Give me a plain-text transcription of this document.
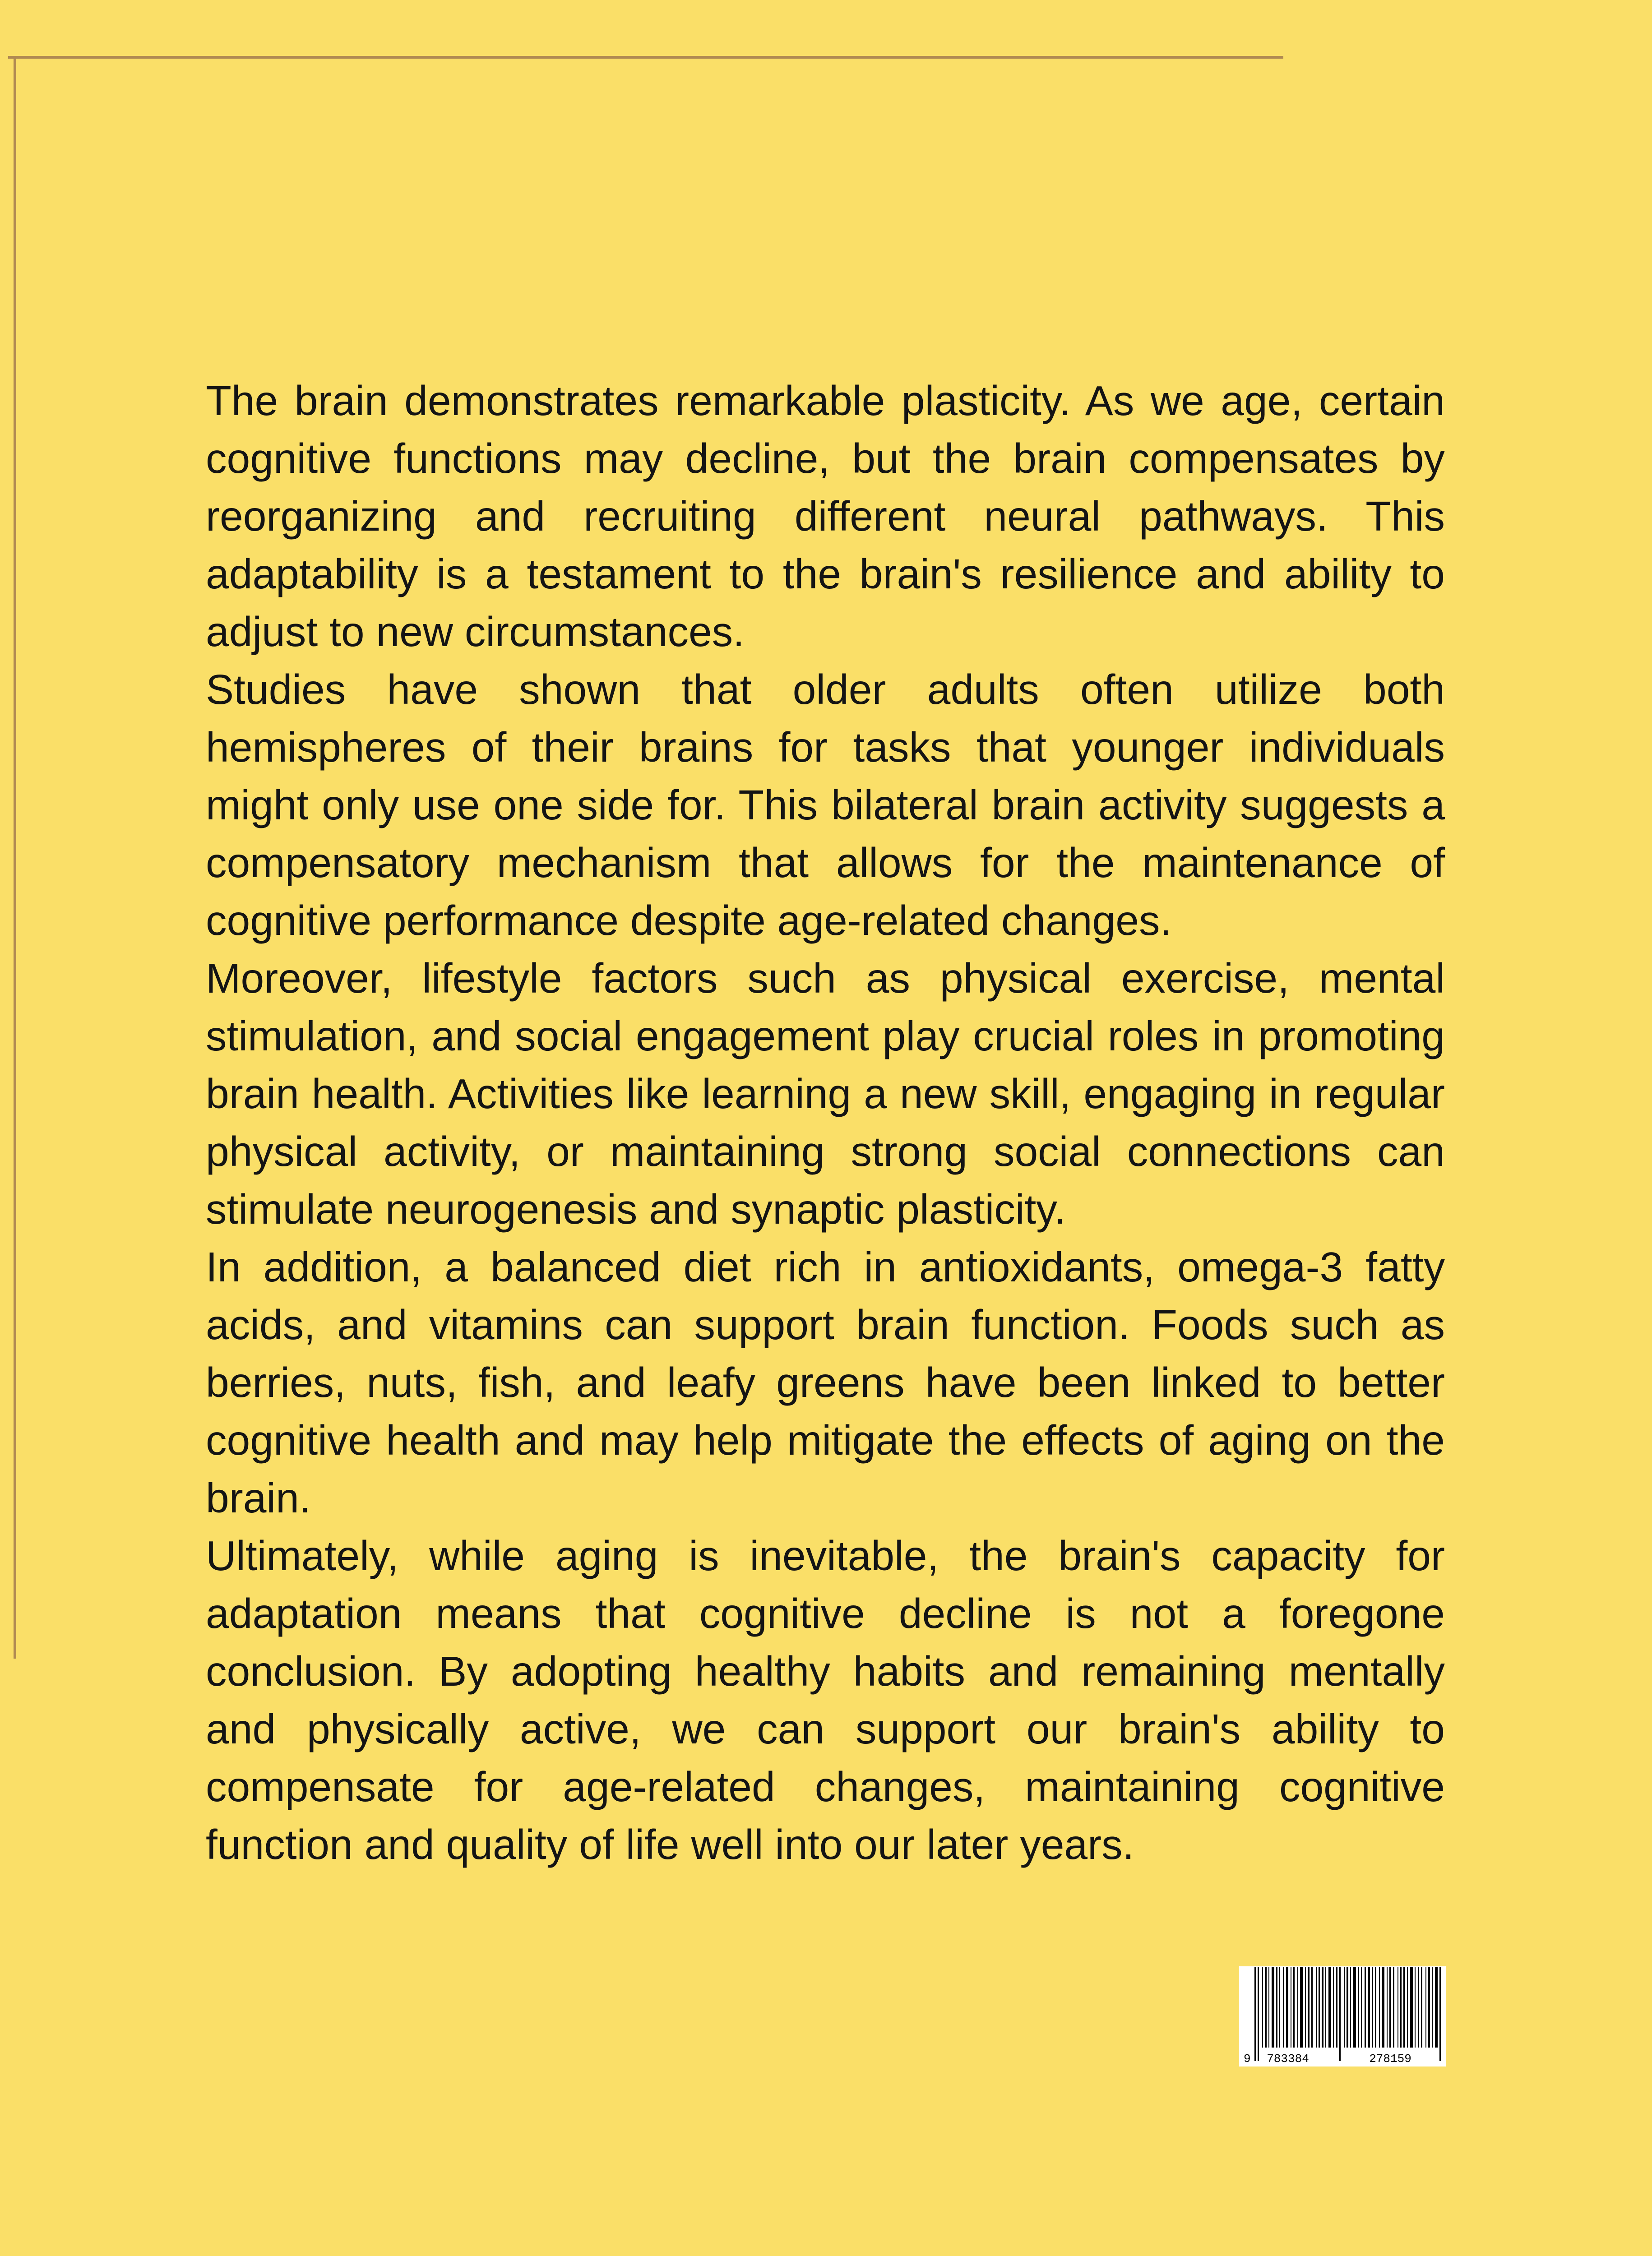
The brain demonstrates remarkable plasticity. As we age, certain cognitive functions may decline, but the brain compensates by reorganizing and recruiting different neural pathways. This adaptability is a testament to the brain's resilience and ability to adjust to new circumstances.

Studies have shown that older adults often utilize both hemispheres of their brains for tasks that younger individuals might only use one side for. This bilateral brain activity suggests a compensatory mechanism that allows for the maintenance of cognitive performance despite age-related changes.

Moreover, lifestyle factors such as physical exercise, mental stimulation, and social engagement play crucial roles in promoting brain health. Activities like learning a new skill, engaging in regular physical activity, or maintaining strong social connections can stimulate neurogenesis and synaptic plasticity.

In addition, a balanced diet rich in antioxidants, omega-3 fatty acids, and vitamins can support brain function. Foods such as berries, nuts, fish, and leafy greens have been linked to better cognitive health and may help mitigate the effects of aging on the brain.

Ultimately, while aging is inevitable, the brain's capacity for adaptation means that cognitive decline is not a foregone conclusion. By adopting healthy habits and remaining mentally and physically active, we can support our brain's ability to compensate for age-related changes, maintaining cognitive function and quality of life well into our later years.

9 783384	278159
